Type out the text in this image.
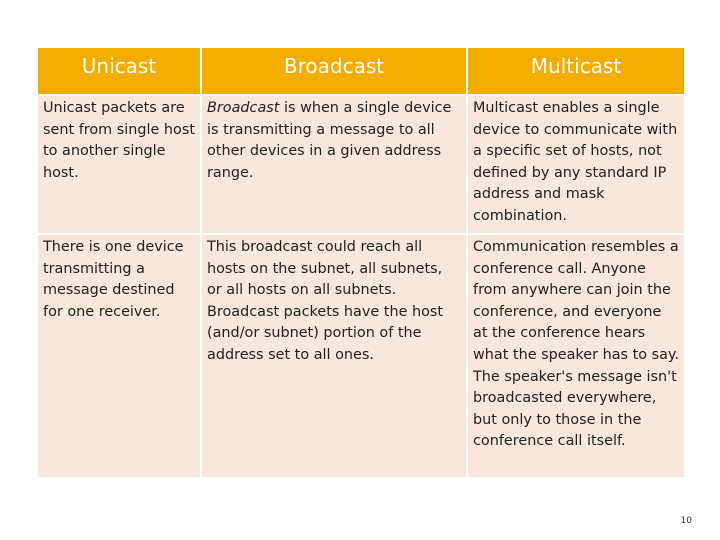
Unicast	Broadcast	Multicast
Unicast packets are sent from single host to another single host.	Broadcast is when a single device is transmitting a message to all other devices in a given address range.	Multicast enables a single device to communicate with a specific set of hosts, not defined by any standard IP address and mask combination.
There is one device transmitting a message destined for one receiver.	This broadcast could reach all hosts on the subnet, all subnets, or all hosts on all subnets. Broadcast packets have the host (and/or subnet) portion of the address set to all ones.	Communication resembles a conference call. Anyone from anywhere can join the conference, and everyone at the conference hears what the speaker has to say. The speaker's message isn't broadcasted everywhere, but only to those in the conference call itself.
10
